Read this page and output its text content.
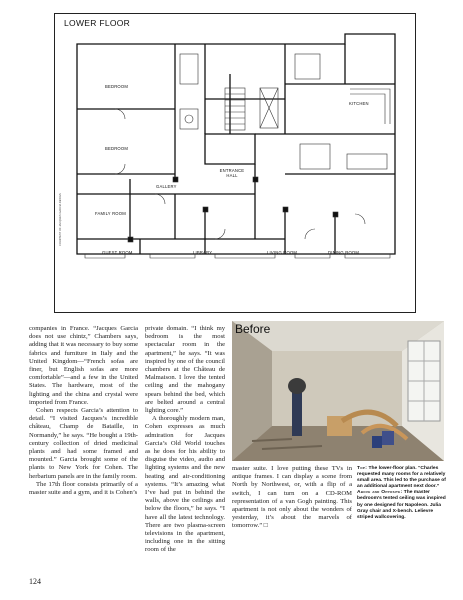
LOWER FLOOR
BEDROOM
BEDROOM
KITCHEN
ENTRANCE HALL
GALLERY
FAMILY ROOM
GUEST ROOM	LIBRARY	LIVING ROOM	DINING ROOM
COURTESY OF JACQUES GARCIA DESIGN

companies in France. “Jacques Garcia does not use chintz,” Chambers says, adding that it was necessary to buy some fabrics and furniture in Italy and the United Kingdom—“French sofas are finer, but English sofas are more comfortable”—and a few in the United States. The hardware, most of the lighting and the china and crystal were imported from France.

Cohen respects Garcia’s attention to detail. “I visited Jacques’s incredible château, Champ de Bataille, in Normandy,” he says. “He bought a 19th-century collection of dried medicinal plants and had some framed and mounted.” Garcia brought some of the plants to New York for Cohen. The herbarium panels are in the family room.

The 17th floor consists primarily of a master suite and a gym, and it is Cohen’s

private domain. “I think my bedroom is the most spectacular room in the apartment,” he says. “It was inspired by one of the council chambers at the Château de Malmaison. I love the tented ceiling and the mahogany spears behind the bed, which are belted around a central lighting core.”

A thoroughly modern man, Cohen expresses as much admiration for Jacques Garcia’s Old World touches as he does for his ability to disguise the video, audio and lighting systems and the new heating and air-conditioning systems. “It’s amazing what I’ve had put in behind the walls, above the ceilings and below the floors,” he says. “I have all the latest technology. There are two plasma-screen televisions in the apartment, including one in the sitting room of the

Before

master suite. I love putting these TVs in antique frames. I can display a scene from North by Northwest, or, with a flip of a switch, I can turn on a CD-ROM representation of a van Gogh painting. This apartment is not only about the wonders of yesterday, it’s about the marvels of tomorrow.” □

Top: The lower-floor plan. “Charles requested many rooms for a relatively small area. This led to the purchase of an additional apartment next door.” Above and Opposite: The master bedroom’s tented ceiling was inspired by one designed for Napoleon. Julia Gray chair and X-bench. Lelievre striped wallcovering.
124
